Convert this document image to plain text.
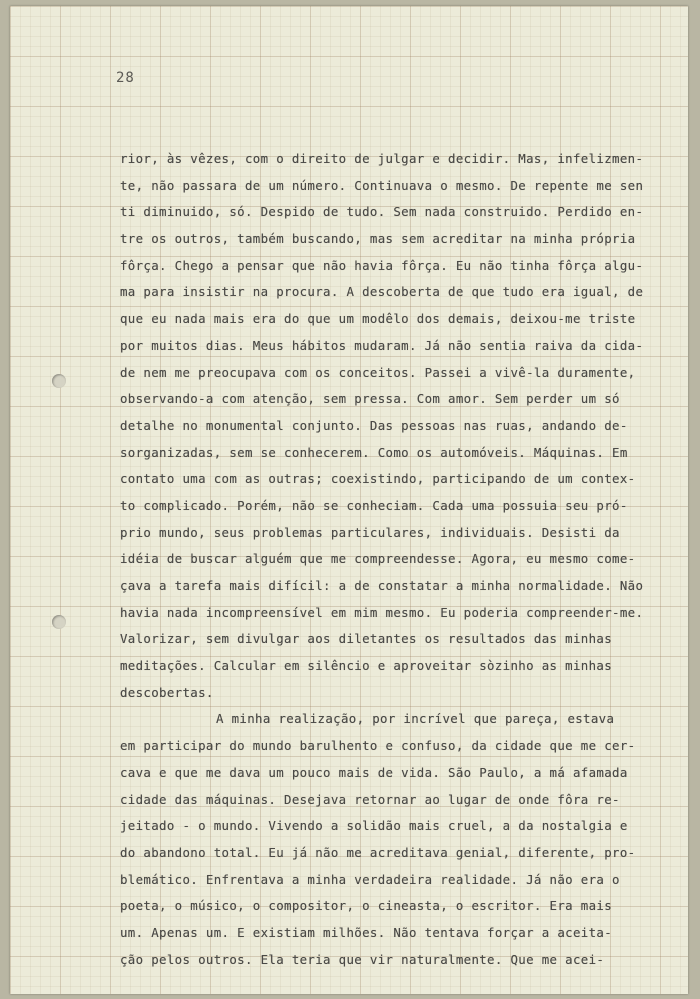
28
rior, às vêzes, com o direito de julgar e decidir. Mas, infelizmen-
te, não passara de um número. Continuava o mesmo. De repente me sen
ti diminuido, só. Despido de tudo. Sem nada construido. Perdido en-
tre os outros, também buscando, mas sem acreditar na minha própria
fôrça. Chego a pensar que não havia fôrça. Eu não tinha fôrça algu-
ma para insistir na procura. A descoberta de que tudo era igual, de
que eu nada mais era do que um modêlo dos demais, deixou-me triste
por muitos dias. Meus hábitos mudaram. Já não sentia raiva da cida-
de nem me preocupava com os conceitos. Passei a vivê-la duramente,
observando-a com atenção, sem pressa. Com amor. Sem perder um só
detalhe no monumental conjunto. Das pessoas nas ruas, andando de-
sorganizadas, sem se conhecerem. Como os automóveis. Máquinas. Em
contato uma com as outras; coexistindo, participando de um contex-
to complicado. Porém, não se conheciam. Cada uma possuia seu pró-
prio mundo, seus problemas particulares, individuais. Desisti da
idéia de buscar alguém que me compreendesse. Agora, eu mesmo come-
çava a tarefa mais difícil: a de constatar a minha normalidade. Não
havia nada incompreensível em mim mesmo. Eu poderia compreender-me.
Valorizar, sem divulgar aos diletantes os resultados das minhas
meditações. Calcular em silêncio e aproveitar sòzinho as minhas
descobertas.
A minha realização, por incrível que pareça, estava
em participar do mundo barulhento e confuso, da cidade que me cer-
cava e que me dava um pouco mais de vida. São Paulo, a má afamada
cidade das máquinas. Desejava retornar ao lugar de onde fôra re-
jeitado - o mundo. Vivendo a solidão mais cruel, a da nostalgia e
do abandono total. Eu já não me acreditava genial, diferente, pro-
blemático. Enfrentava a minha verdadeira realidade. Já não era o
poeta, o músico, o compositor, o cineasta, o escritor. Era mais
um. Apenas um. E existiam milhões. Não tentava forçar a aceita-
ção pelos outros. Ela teria que vir naturalmente. Que me acei-
